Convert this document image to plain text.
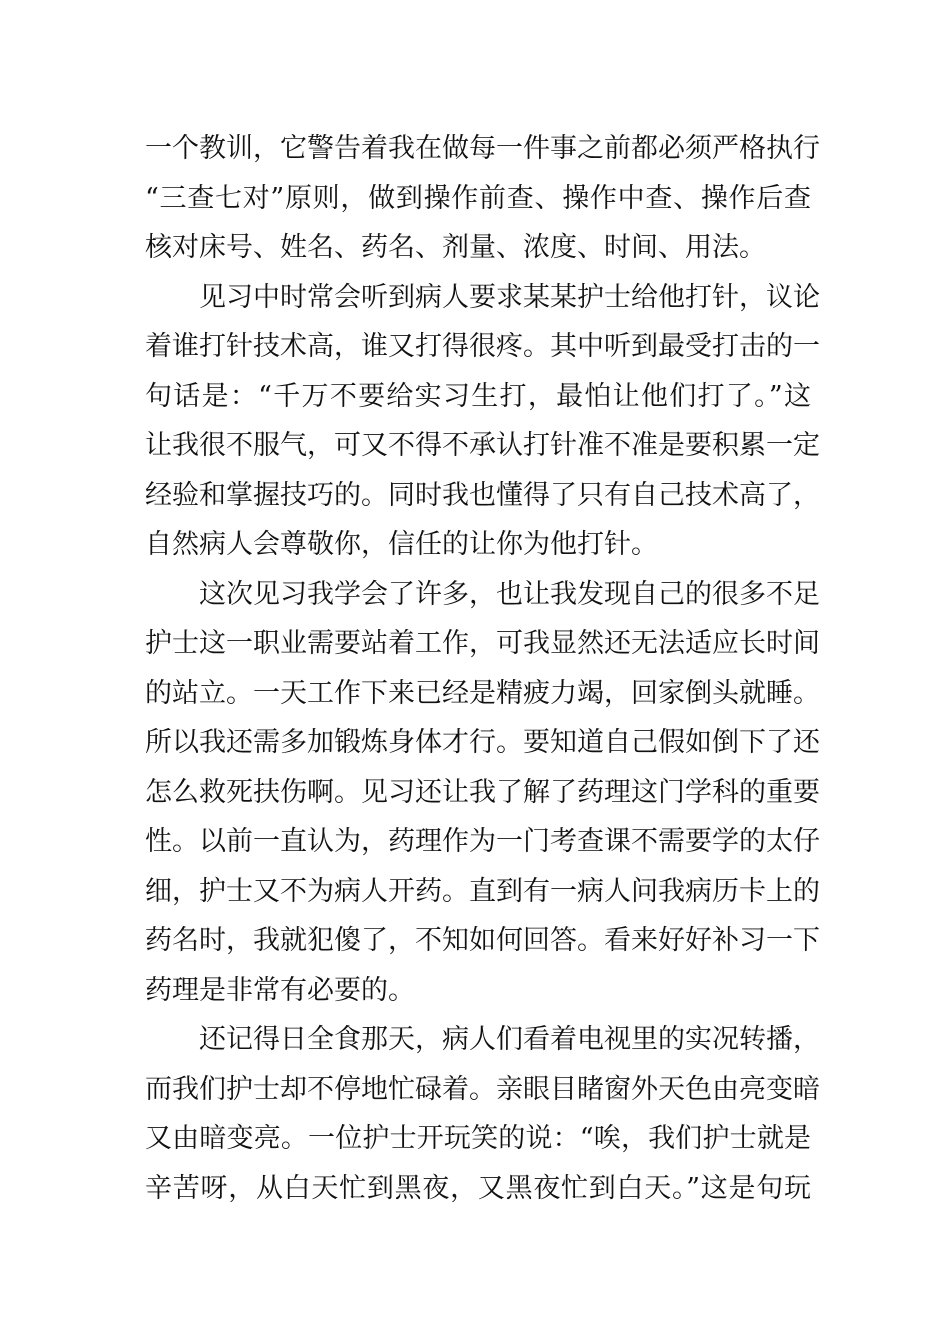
一个教训，它警告着我在做每一件事之前都必须严格执行
“三查七对”原则，做到操作前查、操作中查、操作后查
核对床号、姓名、药名、剂量、浓度、时间、用法。
见习中时常会听到病人要求某某护士给他打针，议论
着谁打针技术高，谁又打得很疼。其中听到最受打击的一
句话是：“千万不要给实习生打，最怕让他们打了。”这
让我很不服气，可又不得不承认打针准不准是要积累一定
经验和掌握技巧的。同时我也懂得了只有自己技术高了，
自然病人会尊敬你，信任的让你为他打针。
这次见习我学会了许多，也让我发现自己的很多不足
护士这一职业需要站着工作，可我显然还无法适应长时间
的站立。一天工作下来已经是精疲力竭，回家倒头就睡。
所以我还需多加锻炼身体才行。要知道自己假如倒下了还
怎么救死扶伤啊。见习还让我了解了药理这门学科的重要
性。以前一直认为，药理作为一门考查课不需要学的太仔
细，护士又不为病人开药。直到有一病人问我病历卡上的
药名时，我就犯傻了，不知如何回答。看来好好补习一下
药理是非常有必要的。
还记得日全食那天，病人们看着电视里的实况转播，
而我们护士却不停地忙碌着。亲眼目睹窗外天色由亮变暗
又由暗变亮。一位护士开玩笑的说：“唉，我们护士就是
辛苦呀，从白天忙到黑夜，又黑夜忙到白天。”这是句玩
